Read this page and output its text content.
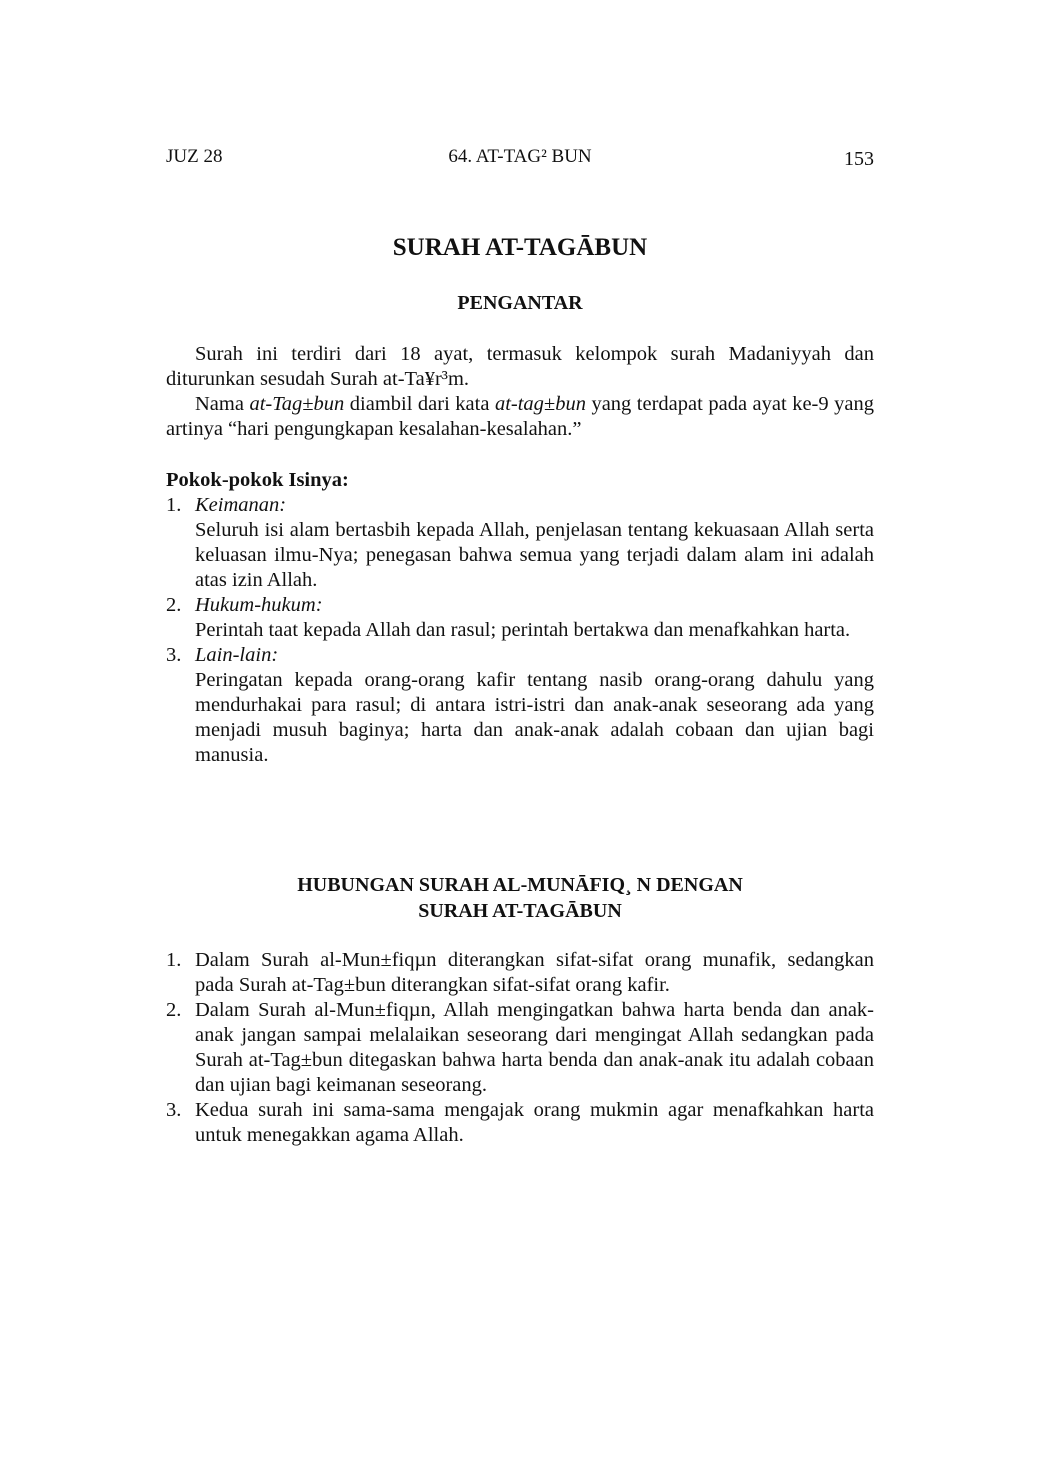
JUZ 28	64. AT-TAG² BUN	153
SURAH AT-TAGĀBUN
PENGANTAR

Surah ini terdiri dari 18 ayat, termasuk kelompok surah Madaniyyah dan diturunkan sesudah Surah at-Ta¥r³m.

Nama at-Tag±bun diambil dari kata at-tag±bun yang terdapat pada ayat ke-9 yang artinya “hari pengungkapan kesalahan-kesalahan.”

Pokok-pokok Isinya:

1. Keimanan:

Seluruh isi alam bertasbih kepada Allah, penjelasan tentang kekuasaan Allah serta keluasan ilmu-Nya; penegasan bahwa semua yang terjadi dalam alam ini adalah atas izin Allah.

2. Hukum-hukum:

Perintah taat kepada Allah dan rasul; perintah bertakwa dan menafkahkan harta.

3. Lain-lain:

Peringatan kepada orang-orang kafir tentang nasib orang-orang dahulu yang mendurhakai para rasul; di antara istri-istri dan anak-anak seseorang ada yang menjadi musuh baginya; harta dan anak-anak adalah cobaan dan ujian bagi manusia.

HUBUNGAN SURAH AL-MUNĀFIQ¸ N DENGAN
SURAH AT-TAGĀBUN
1. Dalam Surah al-Mun±fiqµn diterangkan sifat-sifat orang munafik, sedangkan pada Surah at-Tag±bun diterangkan sifat-sifat orang kafir.

2. Dalam Surah al-Mun±fiqµn, Allah mengingatkan bahwa harta benda dan anak-anak jangan sampai melalaikan seseorang dari mengingat Allah sedangkan pada Surah at-Tag±bun ditegaskan bahwa harta benda dan anak-anak itu adalah cobaan dan ujian bagi keimanan seseorang.

3. Kedua surah ini sama-sama mengajak orang mukmin agar menafkahkan harta untuk menegakkan agama Allah.
